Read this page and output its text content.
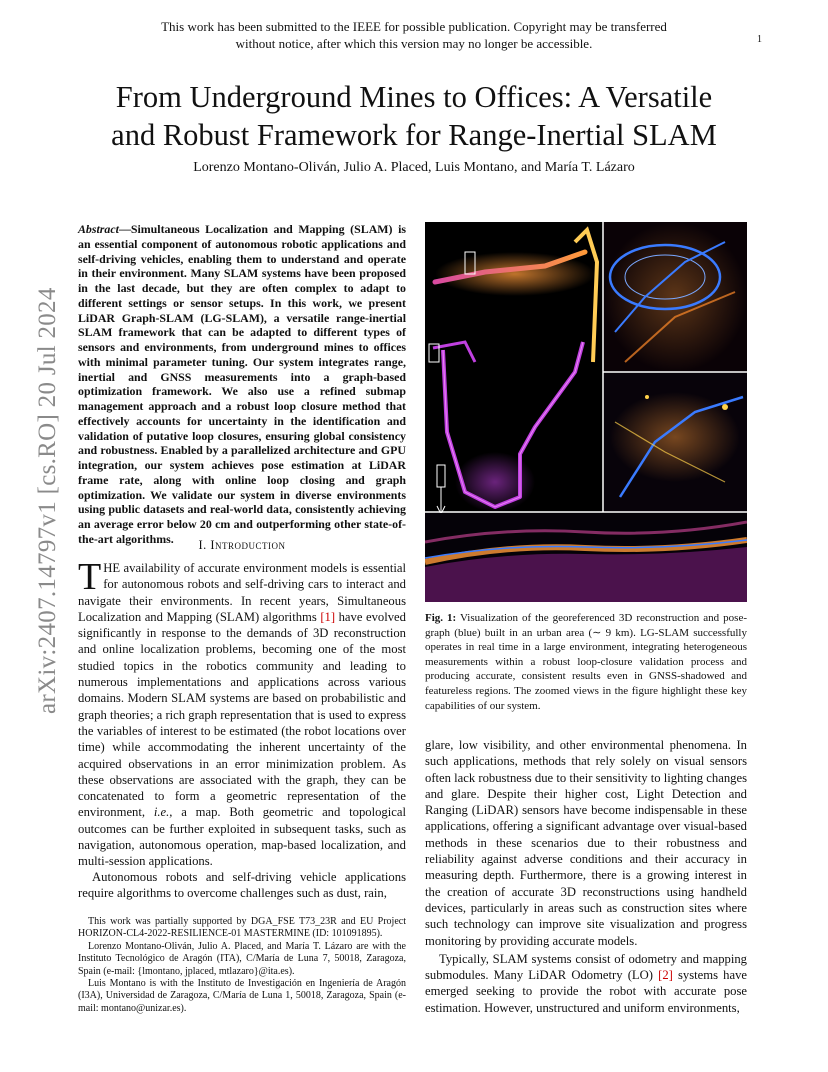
This work has been submitted to the IEEE for possible publication. Copyright may be transferred
without notice, after which this version may no longer be accessible.	1
From Underground Mines to Offices: A Versatile
and Robust Framework for Range-Inertial SLAM
Lorenzo Montano-Oliván, Julio A. Placed, Luis Montano, and María T. Lázaro
arXiv:2407.14797v1 [cs.RO] 20 Jul 2024
Abstract—Simultaneous Localization and Mapping (SLAM) is an essential component of autonomous robotic applications and self-driving vehicles, enabling them to understand and operate in their environment. Many SLAM systems have been proposed in the last decade, but they are often complex to adapt to different settings or sensor setups. In this work, we present LiDAR Graph-SLAM (LG-SLAM), a versatile range-inertial SLAM framework that can be adapted to different types of sensors and environments, from underground mines to offices with minimal parameter tuning. Our system integrates range, inertial and GNSS measurements into a graph-based optimization framework. We also use a refined submap management approach and a robust loop closure method that effectively accounts for uncertainty in the identification and validation of putative loop closures, ensuring global consistency and robustness. Enabled by a parallelized architecture and GPU integration, our system achieves pose estimation at LiDAR frame rate, along with online loop closing and graph optimization. We validate our system in diverse environments using public datasets and real-world data, consistently achieving an average error below 20 cm and outperforming other state-of-the-art algorithms.	I. Introduction
THE availability of accurate environment models is essential for autonomous robots and self-driving cars to interact and navigate their environments. In recent years, Simultaneous Localization and Mapping (SLAM) algorithms [1] have evolved significantly in response to the demands of 3D reconstruction and online localization problems, becoming one of the most studied topics in the robotics community and leading to numerous implementations and applications across various domains. Modern SLAM systems are based on probabilistic and graph theories; a rich graph representation that is used to express the variables of interest to be estimated (the robot locations over time) while accommodating the inherent uncertainty of the acquired observations in an error minimization problem. As these observations are associated with the graph, they can be concatenated to form a geometric representation of the environment, i.e., a map. Both geometric and topological outcomes can be further exploited in subsequent tasks, such as navigation, autonomous operation, map-based localization, and multi-session applications.
Autonomous robots and self-driving vehicle applications require algorithms to overcome challenges such as dust, rain,

This work was partially supported by DGA_FSE T73_23R and EU Project HORIZON-CL4-2022-RESILIENCE-01 MASTERMINE (ID: 101091895).

Lorenzo Montano-Oliván, Julio A. Placed, and María T. Lázaro are with the Instituto Tecnológico de Aragón (ITA), C/María de Luna 7, 50018, Zaragoza, Spain (e-mail: {lmontano, jplaced, mtlazaro}@ita.es).

Luis Montano is with the Instituto de Investigación en Ingeniería de Aragón (I3A), Universidad de Zaragoza, C/María de Luna 1, 50018, Zaragoza, Spain (e-mail: montano@unizar.es).

Fig. 1: Visualization of the georeferenced 3D reconstruction and pose-graph (blue) built in an urban area (∼ 9 km). LG-SLAM successfully operates in real time in a large environment, integrating heterogeneous measurements within a robust loop-closure validation process and producing accurate, consistent results even in GNSS-shadowed and featureless regions. The zoomed views in the figure highlight these key capabilities of our system.

glare, low visibility, and other environmental phenomena. In such applications, methods that rely solely on visual sensors often lack robustness due to their sensitivity to lighting changes and glare. Despite their higher cost, Light Detection and Ranging (LiDAR) sensors have become indispensable in these applications, offering a significant advantage over visual-based methods in these scenarios due to their robustness and reliability against adverse conditions and their accuracy in measuring depth. Furthermore, there is a growing interest in the creation of accurate 3D reconstructions using handheld devices, particularly in areas such as construction sites where such technology can improve site visualization and progress monitoring by providing accurate models.

Typically, SLAM systems consist of odometry and mapping submodules. Many LiDAR Odometry (LO) [2] systems have emerged seeking to provide the robot with accurate pose estimation. However, unstructured and uniform environments,
